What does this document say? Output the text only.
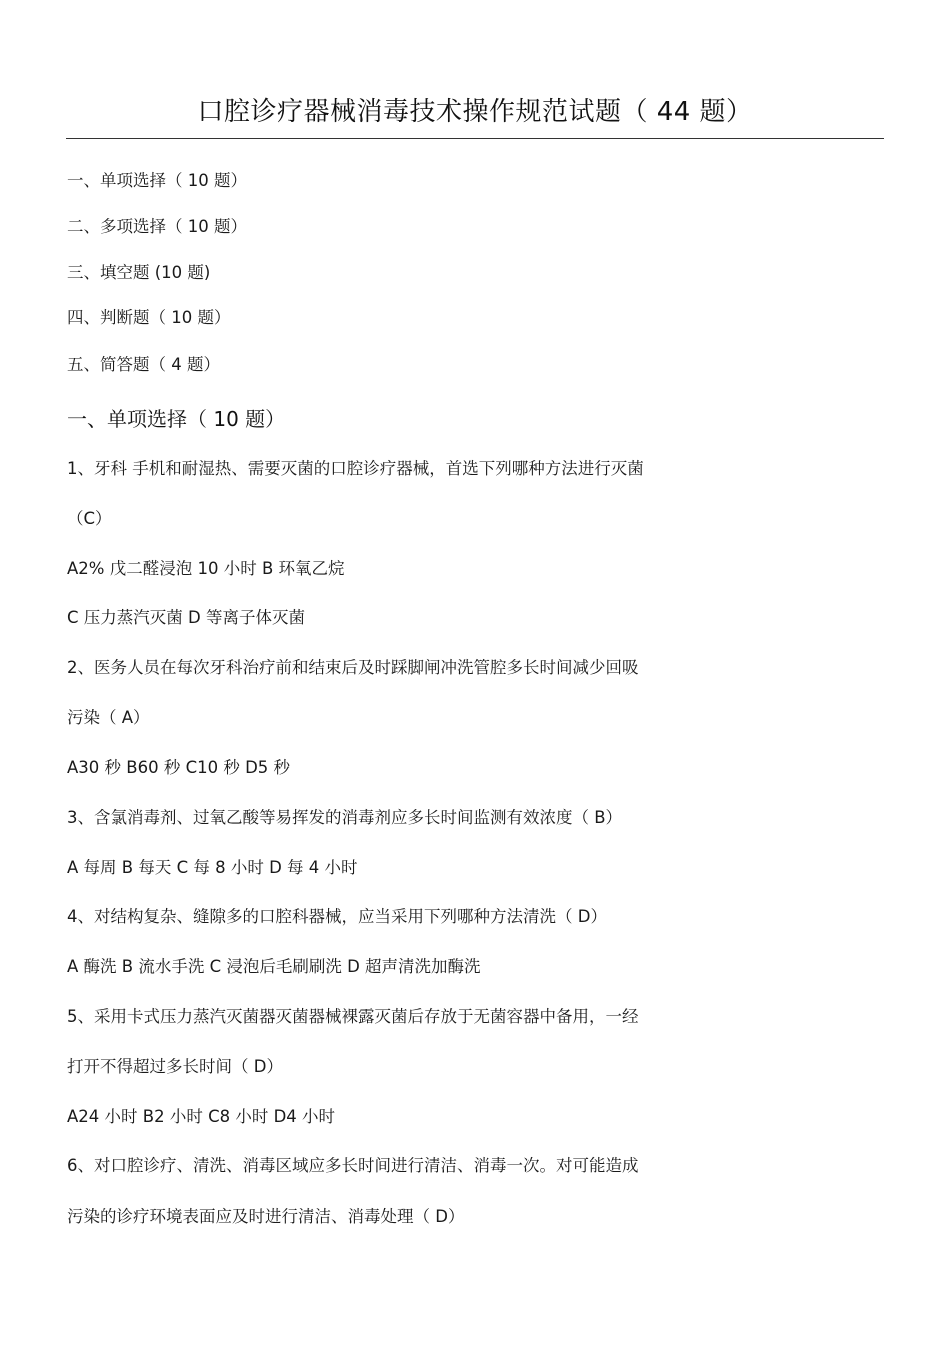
口腔诊疗器械消毒技术操作规范试题（ 44 题）
一、单项选择（ 10 题）
二、多项选择（ 10 题）
三、填空题 (10 题)
四、判断题（ 10 题）
五、简答题（ 4 题）
一、单项选择（ 10 题）
1、牙科 手机和耐湿热、需要灭菌的口腔诊疗器械，首选下列哪种方法进行灭菌
（C）
A2% 戊二醛浸泡 10 小时 B 环氧乙烷
C 压力蒸汽灭菌 D 等离子体灭菌
2、医务人员在每次牙科治疗前和结束后及时踩脚闸冲洗管腔多长时间减少回吸
污染（ A）
A30 秒 B60 秒 C10 秒 D5 秒
3、含氯消毒剂、过氧乙酸等易挥发的消毒剂应多长时间监测有效浓度（ B）
A 每周 B 每天 C 每 8 小时 D 每 4 小时
4、对结构复杂、缝隙多的口腔科器械，应当采用下列哪种方法清洗（ D）
A 酶洗 B 流水手洗 C 浸泡后毛刷刷洗 D 超声清洗加酶洗
5、采用卡式压力蒸汽灭菌器灭菌器械裸露灭菌后存放于无菌容器中备用，一经
打开不得超过多长时间（ D）
A24 小时 B2 小时 C8 小时 D4 小时
6、对口腔诊疗、清洗、消毒区域应多长时间进行清洁、消毒一次。对可能造成
污染的诊疗环境表面应及时进行清洁、消毒处理（ D）
